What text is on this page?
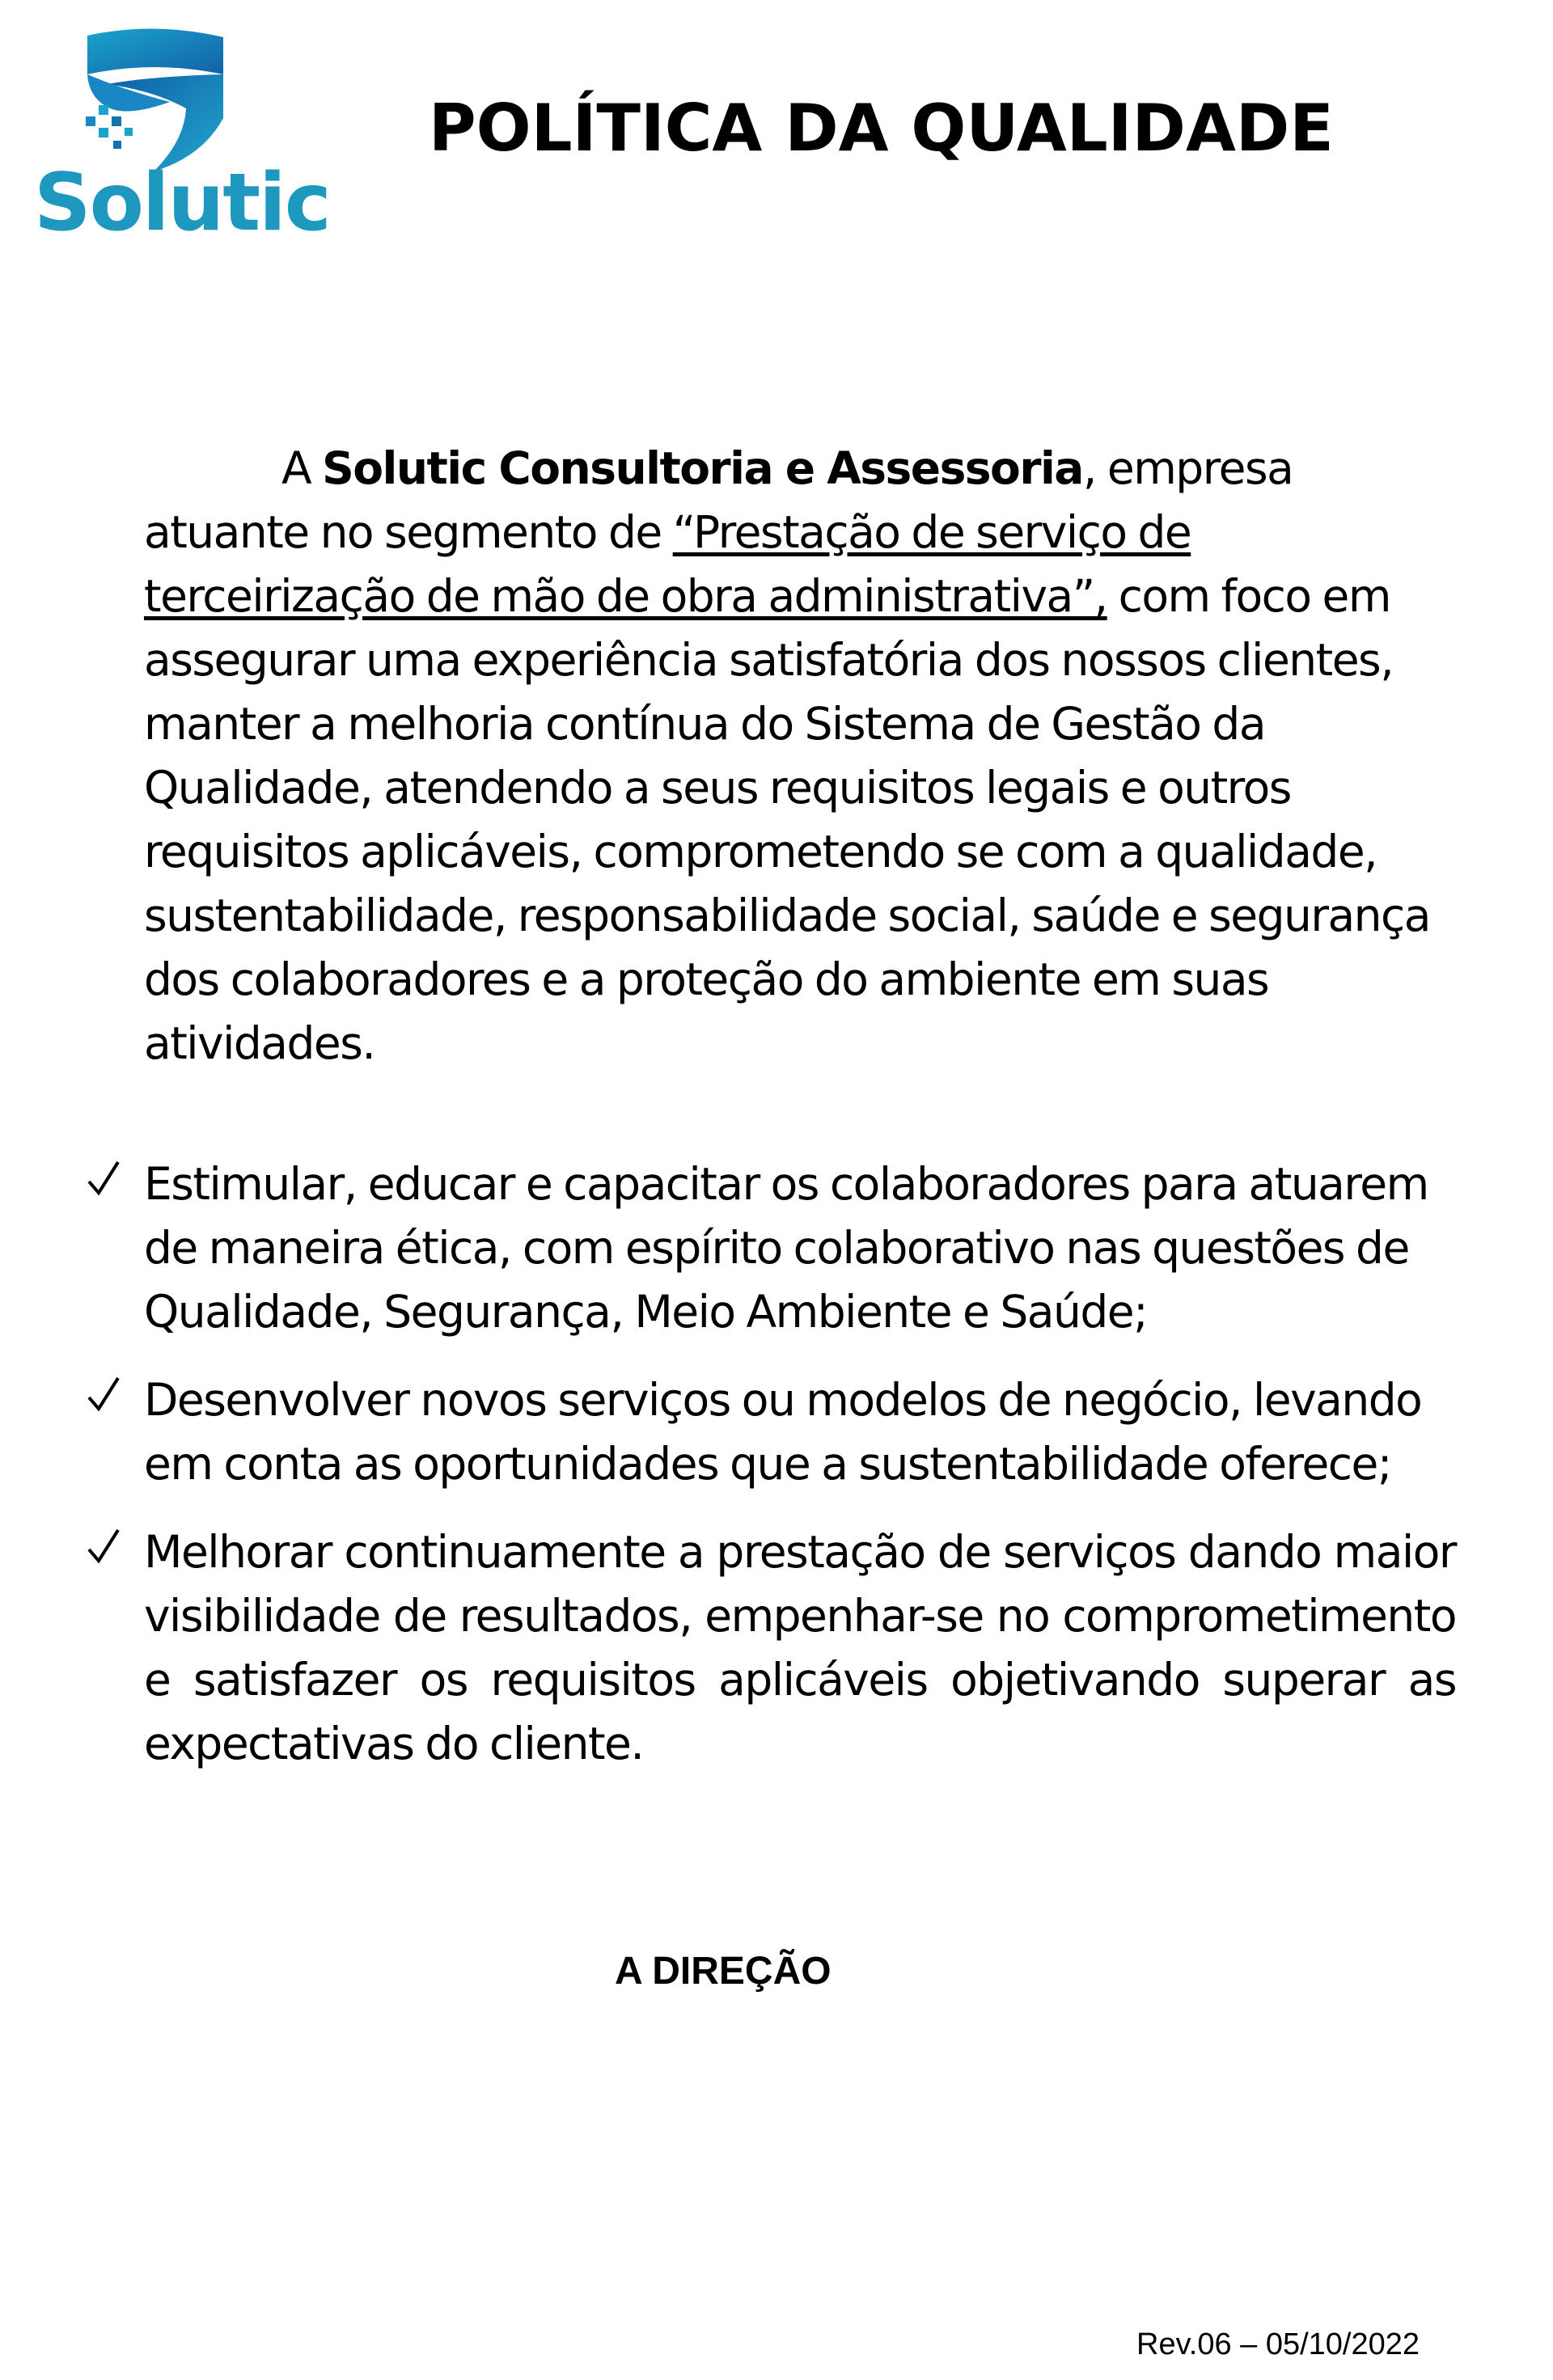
Solutic
POLÍTICA DA QUALIDADE

A Solutic Consultoria e Assessoria, empresa atuante no segmento de “Prestação de serviço de terceirização de mão de obra administrativa”, com foco em assegurar uma experiência satisfatória dos nossos clientes, manter a melhoria contínua do Sistema de Gestão da Qualidade, atendendo a seus requisitos legais e outros requisitos aplicáveis, comprometendo se com a qualidade, sustentabilidade, responsabilidade social, saúde e segurança dos colaboradores e a proteção do ambiente em suas atividades.

Estimular, educar e capacitar os colaboradores para atuarem de maneira ética, com espírito colaborativo nas questões de Qualidade, Segurança, Meio Ambiente e Saúde;
Desenvolver novos serviços ou modelos de negócio, levando em conta as oportunidades que a sustentabilidade oferece;
Melhorar continuamente a prestação de serviços dando maior visibilidade de resultados, empenhar-se no comprometimento e satisfazer os requisitos aplicáveis objetivando superar as expectativas do cliente.

A DIREÇÃO

Rev.06 – 05/10/2022
